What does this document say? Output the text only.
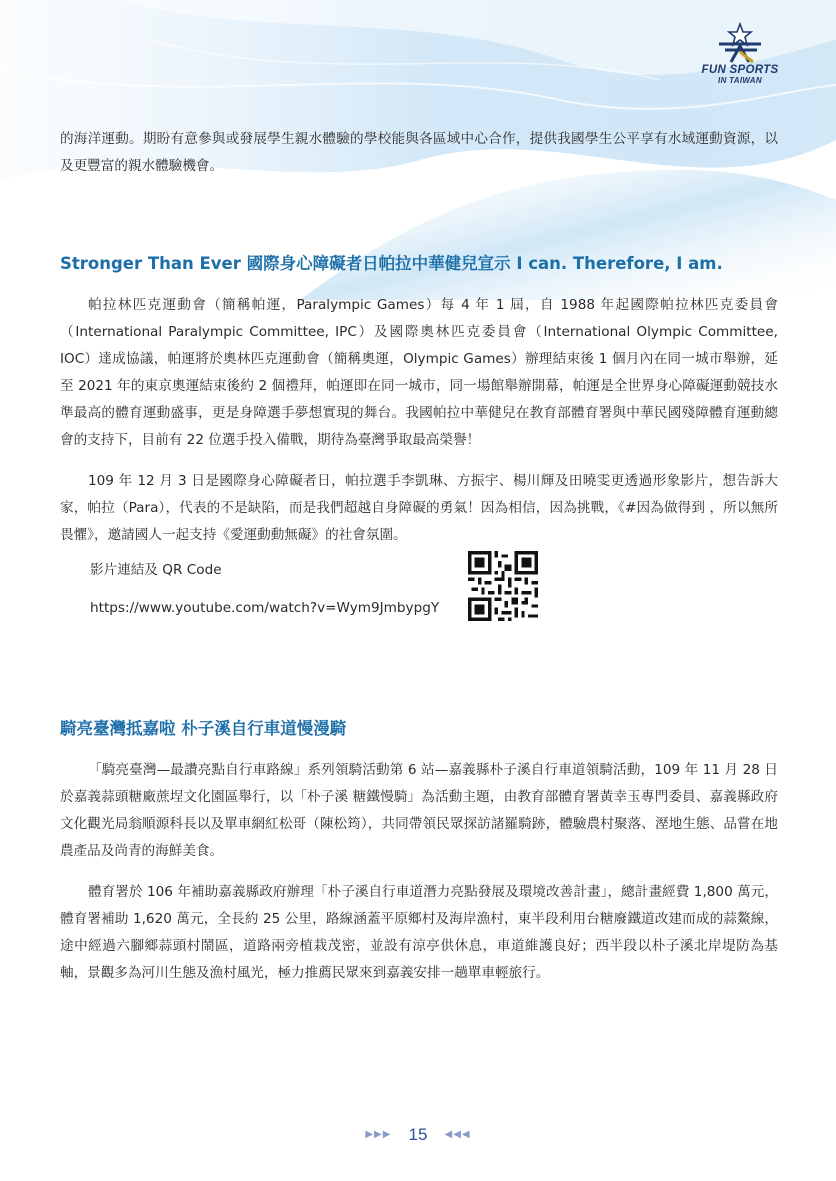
FUN SPORTS
IN TAIWAN

的海洋運動。期盼有意參與或發展學生親水體驗的學校能與各區域中心合作，提供我國學生公平享有水域運動資源，以及更豐富的親水體驗機會。

Stronger Than Ever 國際身心障礙者日帕拉中華健兒宣示 I can. Therefore, I am.

帕拉林匹克運動會（簡稱帕運，Paralympic Games）每 4 年 1 屆，自 1988 年起國際帕拉林匹克委員會（International Paralympic Committee, IPC）及國際奧林匹克委員會（International Olympic Committee, IOC）達成協議，帕運將於奧林匹克運動會（簡稱奧運，Olympic Games）辦理結束後 1 個月內在同一城市舉辦，延至 2021 年的東京奧運結束後約 2 個禮拜，帕運即在同一城市，同一場館舉辦開幕，帕運是全世界身心障礙運動競技水準最高的體育運動盛事，更是身障選手夢想實現的舞台。我國帕拉中華健兒在教育部體育署與中華民國殘障體育運動總會的支持下，目前有 22 位選手投入備戰，期待為臺灣爭取最高榮譽！

109 年 12 月 3 日是國際身心障礙者日，帕拉選手李凱琳、方振宇、楊川輝及田曉雯更透過形象影片，想告訴大家，帕拉（Para），代表的不是缺陷，而是我們超越自身障礙的勇氣！因為相信，因為挑戰，《#因為做得到 ，所以無所畏懼》，邀請國人一起支持《愛運動動無礙》的社會氛圍。

影片連結及 QR Code
https://www.youtube.com/watch?v=Wym9JmbypgY
騎亮臺灣抵嘉啦 朴子溪自行車道慢漫騎

「騎亮臺灣—最讚亮點自行車路線」系列領騎活動第 6 站—嘉義縣朴子溪自行車道領騎活動，109 年 11 月 28 日於嘉義蒜頭糖廠蔗埕文化園區舉行，以「朴子溪 糖鐵慢騎」為活動主題，由教育部體育署黃幸玉專門委員、嘉義縣政府文化觀光局翁順源科長以及單車網紅松哥（陳松筠），共同帶領民眾探訪諸羅騎跡，體驗農村聚落、溼地生態、品嘗在地農產品及尚青的海鮮美食。

體育署於 106 年補助嘉義縣政府辦理「朴子溪自行車道潛力亮點發展及環境改善計畫」，總計畫經費 1,800 萬元，體育署補助 1,620 萬元，全長約 25 公里，路線涵蓋平原鄉村及海岸漁村，東半段利用台糖廢鐵道改建而成的蒜鰲線，途中經過六腳鄉蒜頭村鬧區，道路兩旁植栽茂密，並設有涼亭供休息，車道維護良好；西半段以朴子溪北岸堤防為基軸，景觀多為河川生態及漁村風光，極力推薦民眾來到嘉義安排一趟單車輕旅行。

▶▶▶ 15 ◀◀◀
